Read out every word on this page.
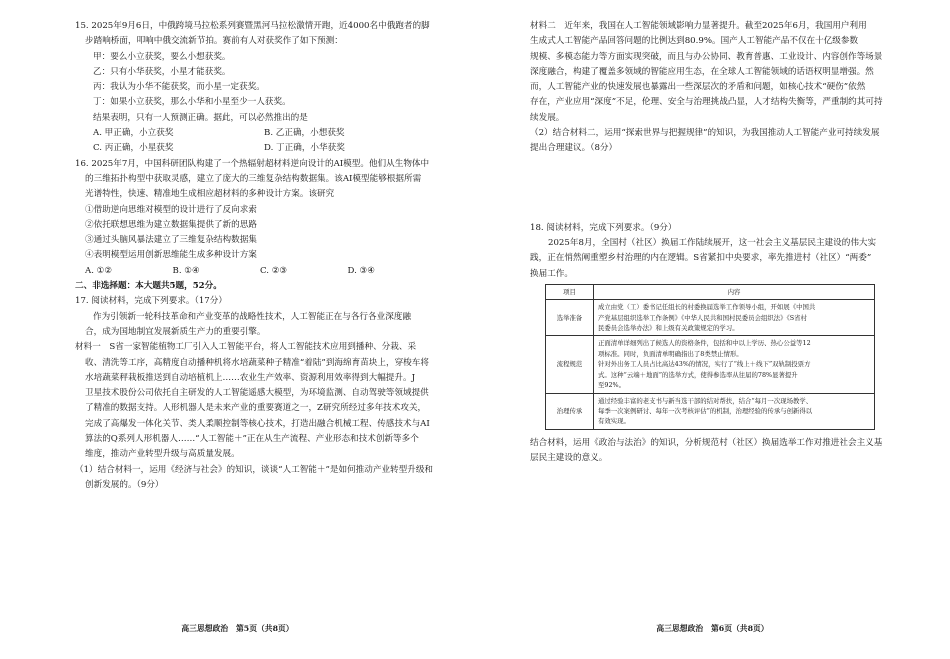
15. 2025年9月6日，中俄跨境马拉松系列赛暨黑河马拉松激情开跑，近4000名中俄跑者的脚
步踏响桥面，叩响中俄交流新节拍。赛前有人对获奖作了如下预测：
甲：要么小立获奖，要么小想获奖。
乙：只有小华获奖，小星才能获奖。
丙：我认为小华不能获奖，而小星一定获奖。
丁：如果小立获奖，那么小华和小星至少一人获奖。
结果表明，只有一人预测正确。据此，可以必然推出的是
A. 甲正确，小立获奖	B. 乙正确，小想获奖
C. 丙正确，小星获奖	D. 丁正确，小华获奖
16. 2025年7月，中国科研团队构建了一个热辐射超材料逆向设计的AI模型。他们从生物体中
的三维拓扑构型中获取灵感，建立了庞大的三维复杂结构数据集。该AI模型能够根据所需
光谱特性，快速、精准地生成相应超材料的多种设计方案。该研究
①借助逆向思维对模型的设计进行了反向求索
②依托联想思维为建立数据集提供了新的思路
③通过头脑风暴法建立了三维复杂结构数据集
④表明模型运用创新思维能生成多种设计方案
A. ①②	B. ①④	C. ②③	D. ③④
二、非选择题：本大题共5题，52分。
17. 阅读材料，完成下列要求。（17分）
作为引领新一轮科技革命和产业变革的战略性技术，人工智能正在与各行各业深度融
合，成为国地制宜发展新质生产力的重要引擎。
材料一　S省一家智能植物工厂引入人工智能平台，将人工智能技术应用到播种、分栽、采
收、清洗等工序，高精度自动播种机将水培蔬菜种子精准“着陆”到海绵育苗块上，穿梭车将
水培蔬菜秤栽板推送到自动培植机上……农业生产效率、资源利用效率得到大幅提升。J
卫星技术股份公司依托自主研发的人工智能遥感大模型，为环境监测、自动驾驶等领域提供
了精准的数据支持。人形机器人是未来产业的重要赛道之一，Z研究所经过多年技术攻关，
完成了高爆发一体化关节、类人柔顺控制等核心技术，打造出融合机械工程、传感技术与AI
算法的Q系列人形机器人……“人工智能＋”正在从生产流程、产业形态和技术创新等多个
维度，推动产业转型升级与高质量发展。
（1）结合材料一，运用《经济与社会》的知识，谈谈“人工智能＋”是如何推动产业转型升级和
创新发展的。（9分）
高三思想政治　第5页（共8页）
材料二　近年来，我国在人工智能领域影响力显著提升。截至2025年6月，我国用户利用
生成式人工智能产品回答问题的比例达到80.9%。国产人工智能产品不仅在十亿级参数
规模、多模态能力等方面实现突破，而且与办公协同、教育普惠、工业设计、内容创作等场景
深度融合，构建了覆盖多领域的智能应用生态，在全球人工智能领域的话语权明显增强。然
而，人工智能产业的快速发展也暴露出一些深层次的矛盾和问题，如核心技术“硬伤”依然
存在，产业应用“深度”不足，伦理、安全与治理挑战凸显，人才结构失衡等，严重制约其可持
续发展。
（2）结合材料二，运用“探索世界与把握规律”的知识，为我国推动人工智能产业可持续发展
提出合理建议。（8分）
18. 阅读材料，完成下列要求。（9分）
2025年8月，全国村（社区）换届工作陆续展开，这一社会主义基层民主建设的伟大实
践，正在悄然阐重塑乡村治理的内在逻辑。S省紧扣中央要求，率先推进村（社区）“两委”
换届工作。
项目	内容
选举准备	成立由党（工）委书记任组长的村委换届选举工作领导小组，开如展《中国共
产党基层组织选举工作条例》《中华人民共和国村民委员会组织法》《S省村
民委员会选举办法》和上级有关政策规定的学习。

流程规范	正面清单详细列出了候选人的资格条件，包括和中以上学历、热心公益等12
项标准。同时，负面清单明确指出了8类禁止情形。
针对外出务工人员占比高达43%的情况，实行了“线上＋线下”双轨制投票方
式。这种“云端＋地面”的选举方式，使得参选率从往届的78%显著提升
至92%。

治理传承	通过经验丰富的老支书与新当选干部的结对帮扶，结合“每月一次现场教学、
每季一次案例研讨、每年一次考核评估”的机制，治理经验的传承与创新得以
有效实现。
结合材料，运用《政治与法治》的知识，分析规范村（社区）换届选举工作对推进社会主义基
层民主建设的意义。
高三思想政治　第6页（共8页）
